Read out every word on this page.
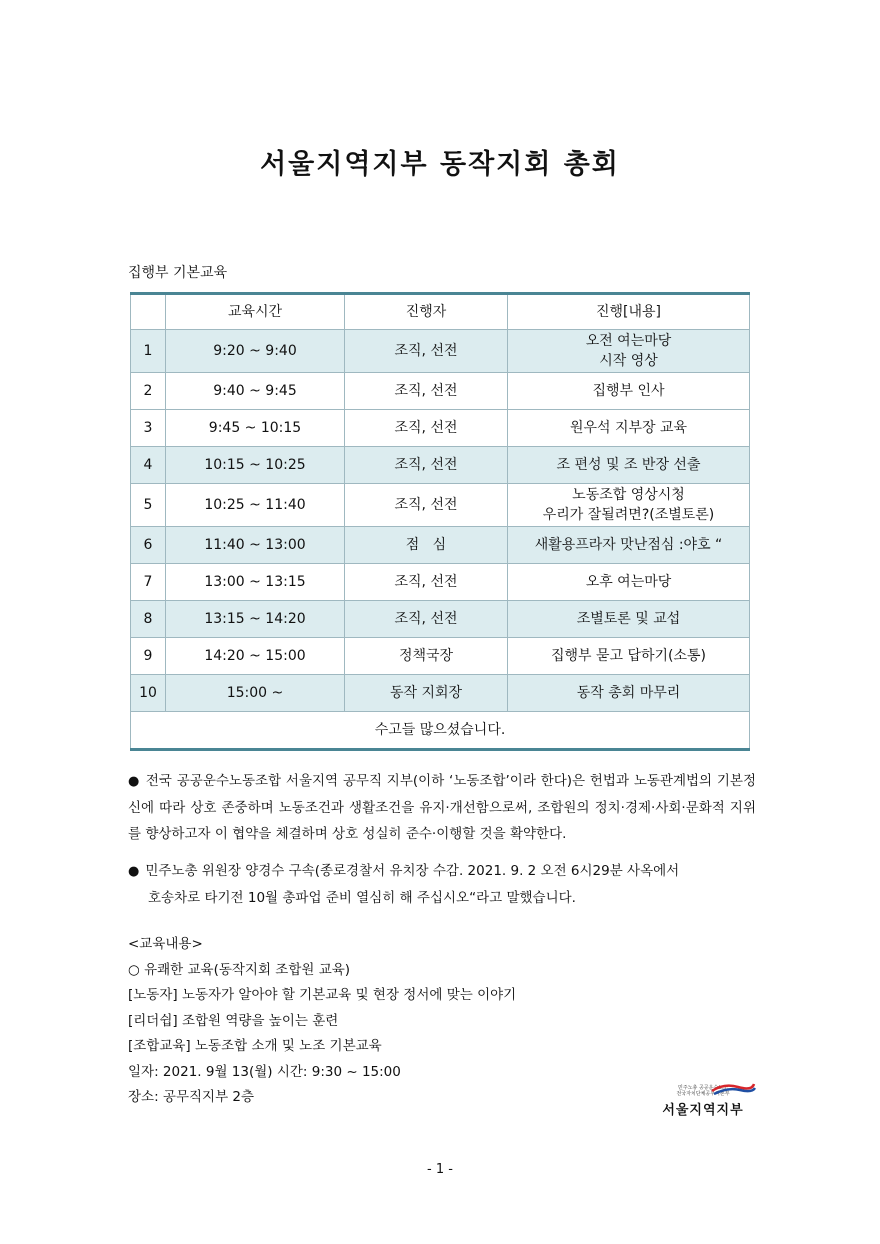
서울지역지부 동작지회 총회
집행부 기본교육
	교육시간	진행자	진행[내용]
1	9:20 ~ 9:40	조직, 선전	오전 여는마당
시작 영상

2	9:40 ~ 9:45	조직, 선전	집행부 인사
3	9:45 ~ 10:15	조직, 선전	원우석 지부장 교육
4	10:15 ~ 10:25	조직, 선전	조 편성 및 조 반장 선출
5	10:25 ~ 11:40	조직, 선전	노동조합 영상시청
우리가 잘될려면?(조별토론)

6	11:40 ~ 13:00	점   심	새활용프라자 맛난점심 :야호 “
7	13:00 ~ 13:15	조직, 선전	오후 여는마당
8	13:15 ~ 14:20	조직, 선전	조별토론 및 교섭
9	14:20 ~ 15:00	정책국장	집행부 묻고 답하기(소통)
10	15:00 ~	동작 지회장	동작 총회 마무리
수고들 많으셨습니다.			
● 전국 공공운수노동조합 서울지역 공무직 지부(이하 ‘노동조합’이라 한다)은 헌법과 노동관계법의 기본정신에 따라 상호 존중하며 노동조건과 생활조건을 유지·개선함으로써, 조합원의 정치·경제·사회·문화적 지위를 향상하고자 이 협약을 체결하며 상호 성실히 준수·이행할 것을 확약한다.
● 민주노총 위원장 양경수 구속(종로경찰서 유치장 수감. 2021. 9. 2 오전 6시29분 사옥에서
호송차로 타기전 10월 총파업 준비 열심히 해 주십시오“라고 말했습니다.
<교육내용>
○ 유쾌한 교육(동작지회 조합원 교육)
[노동자] 노동자가 알아야 할 기본교육 및 현장 정서에 맞는 이야기
[리더쉽] 조합원 역량을 높이는 훈련
[조합교육] 노동조합 소개 및 노조 기본교육
일자: 2021. 9월 13(월) 시간: 9:30 ~ 15:00
장소: 공무직지부 2층
민주노총 공공운수노조
전국자치단체공무직본부
서울지역지부
- 1 -
